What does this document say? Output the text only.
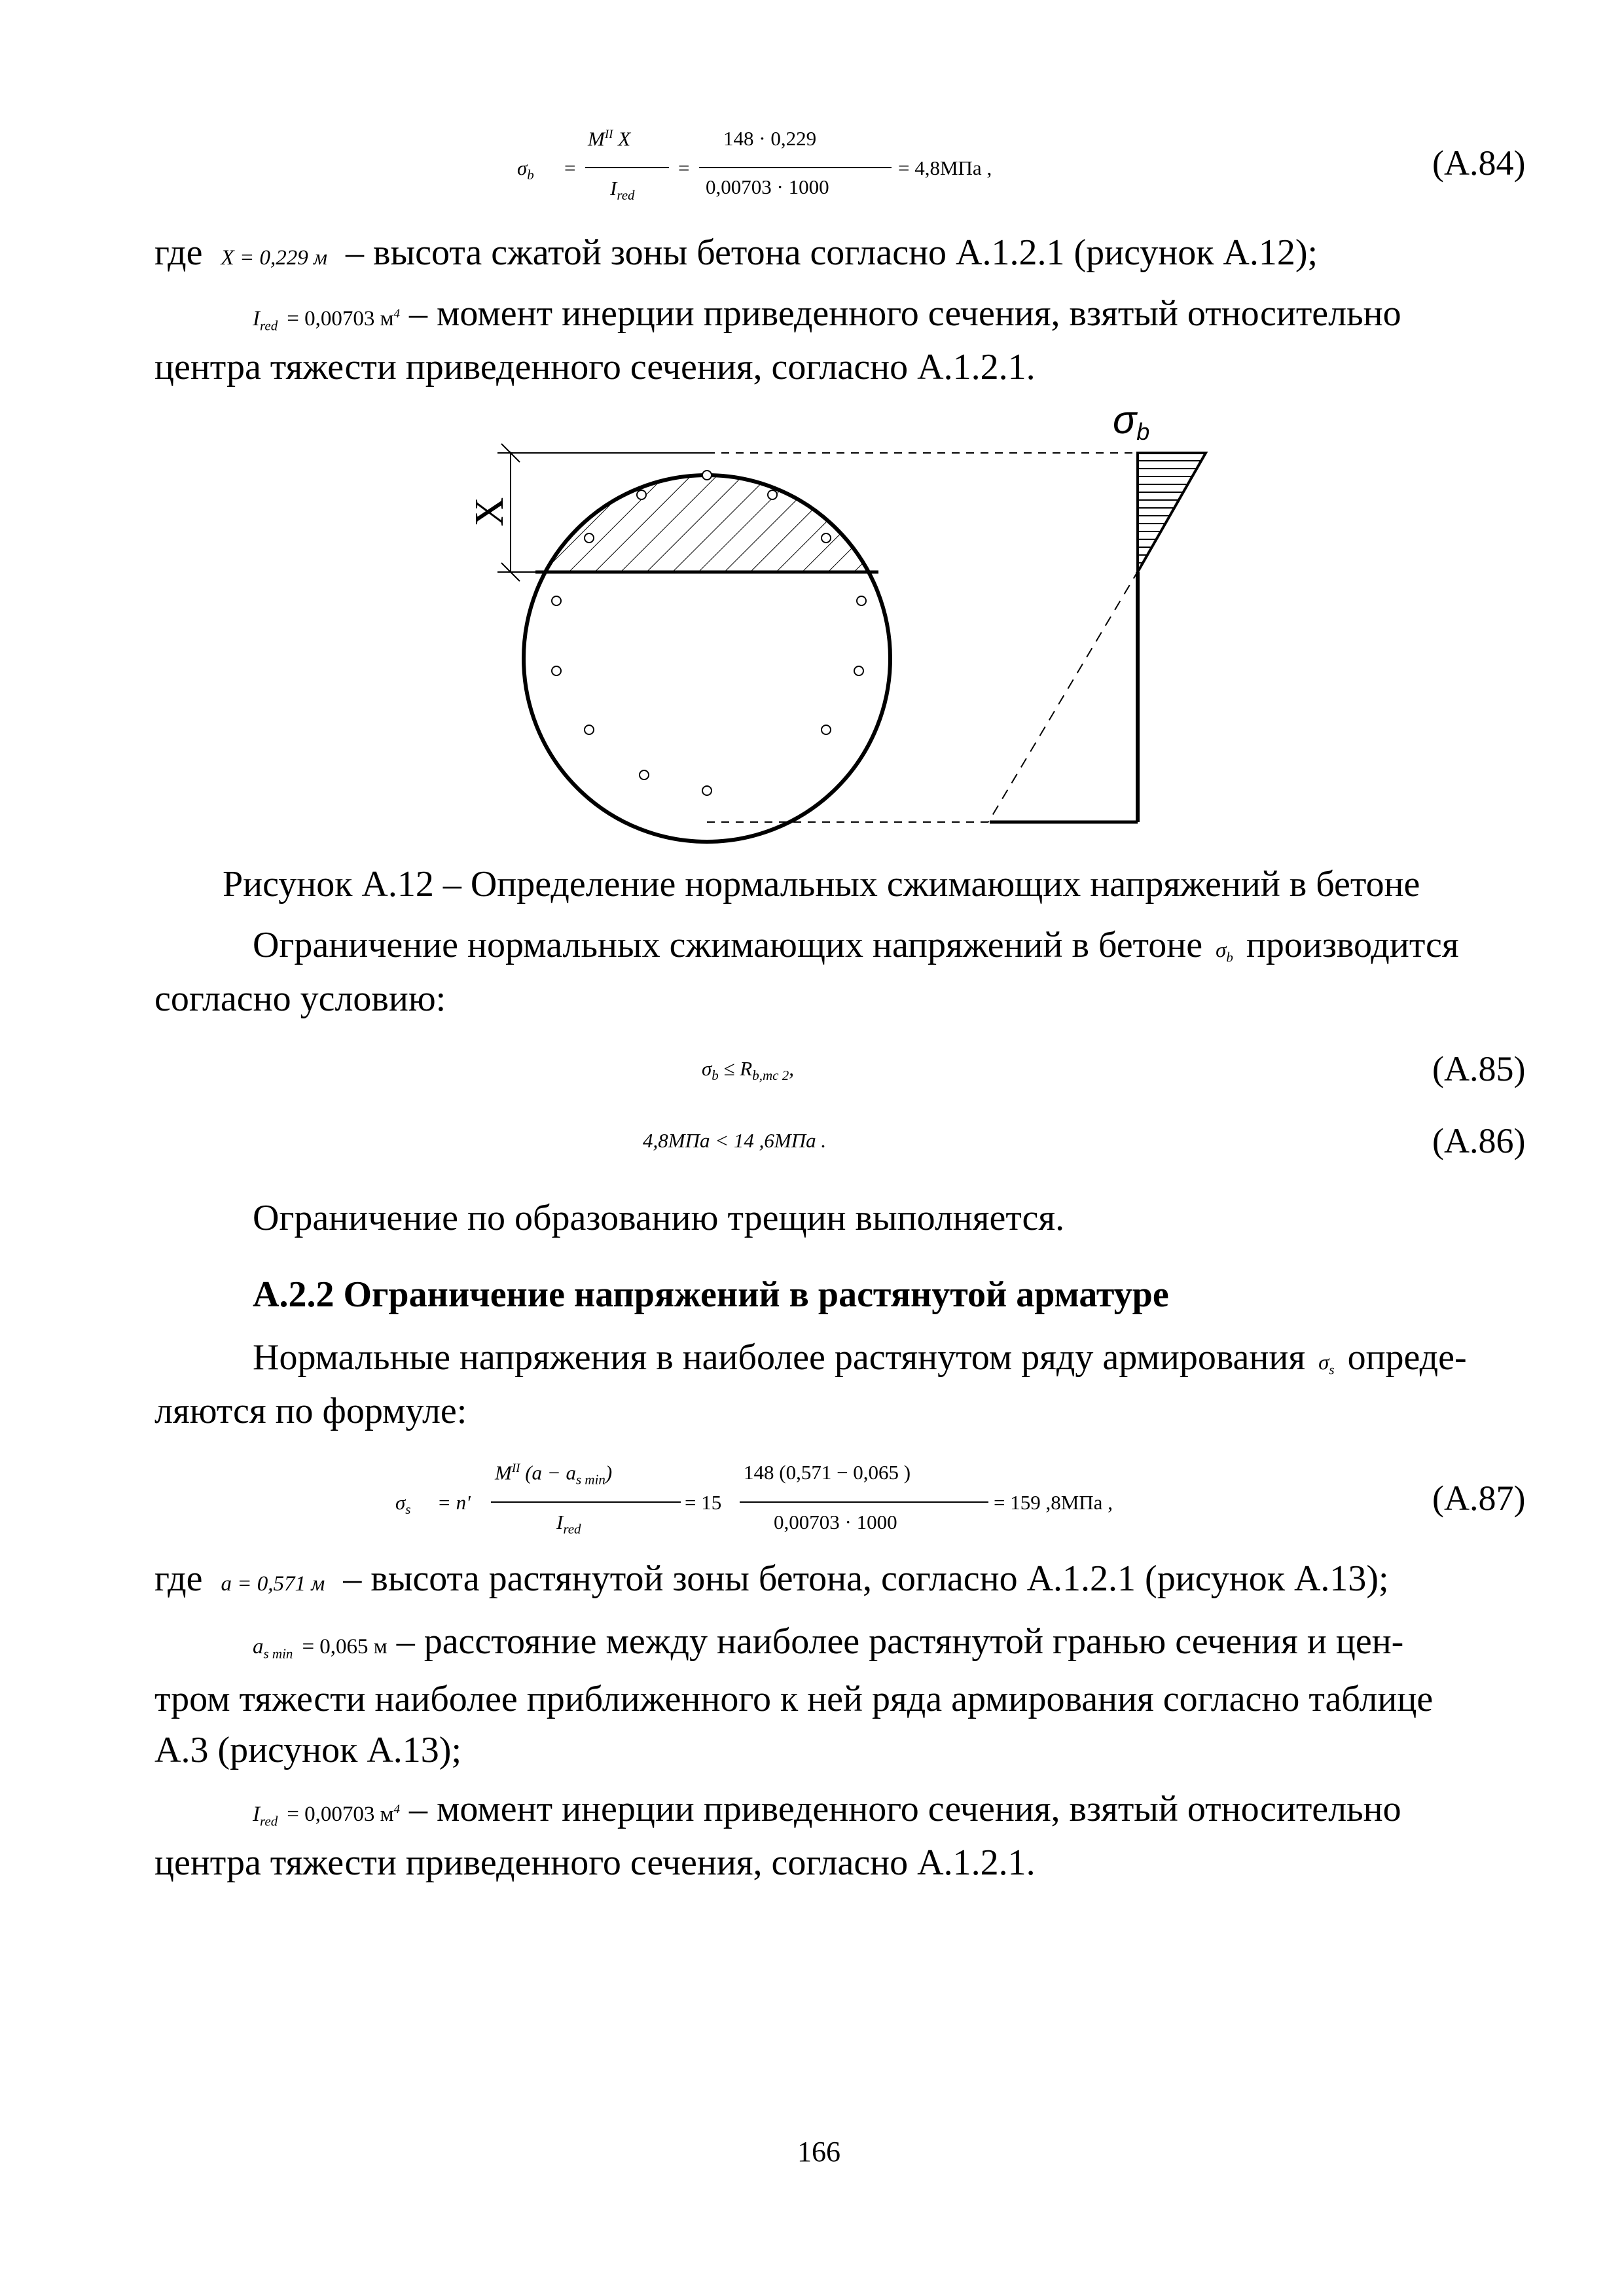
$\sigma_b$ =
$M^{II}$ X
$I_{red}$
=
148 · 0,229
0,00703 · 1000
= 4,8МПа ,	(A.84)
где X = 0,229 м – высота сжатой зоны бетона согласно А.1.2.1 (рисунок А.12);
$I_{red} = 0,00703$ $м^4$ – момент инерции приведенного сечения, взятый относительно
центра тяжести приведенного сечения, согласно А.1.2.1.
X
σb
Рисунок А.12 – Определение нормальных сжимающих напряжений в бетоне
Ограничение нормальных сжимающих напряжений в бетоне $\sigma_b$ производится
согласно условию:
$\sigma_b \le R_{b,mc 2}$,	(A.85)
4,8МПа < 14 ,6МПа .	(A.86)
Ограничение по образованию трещин выполняется.
А.2.2 Ограничение напряжений в растянутой арматуре
Нормальные напряжения в наиболее растянутом ряду армирования $\sigma_s$ опреде-
ляются по формуле:
$\sigma_s = n'$
$M^{II}$ $(a - a_{s min})$
$I_{red}$
= 15
148 (0,571 − 0,065 )
0,00703 · 1000
= 159 ,8МПа ,	(A.87)
где a = 0,571 м – высота растянутой зоны бетона, согласно А.1.2.1 (рисунок А.13);
$a_{s min} = 0,065$ м – расстояние между наиболее растянутой гранью сечения и цен-
тром тяжести наиболее приближенного к ней ряда армирования согласно таблице
А.3 (рисунок А.13);
$I_{red} = 0,00703$ $м^4$ – момент инерции приведенного сечения, взятый относительно
центра тяжести приведенного сечения, согласно А.1.2.1.
166
